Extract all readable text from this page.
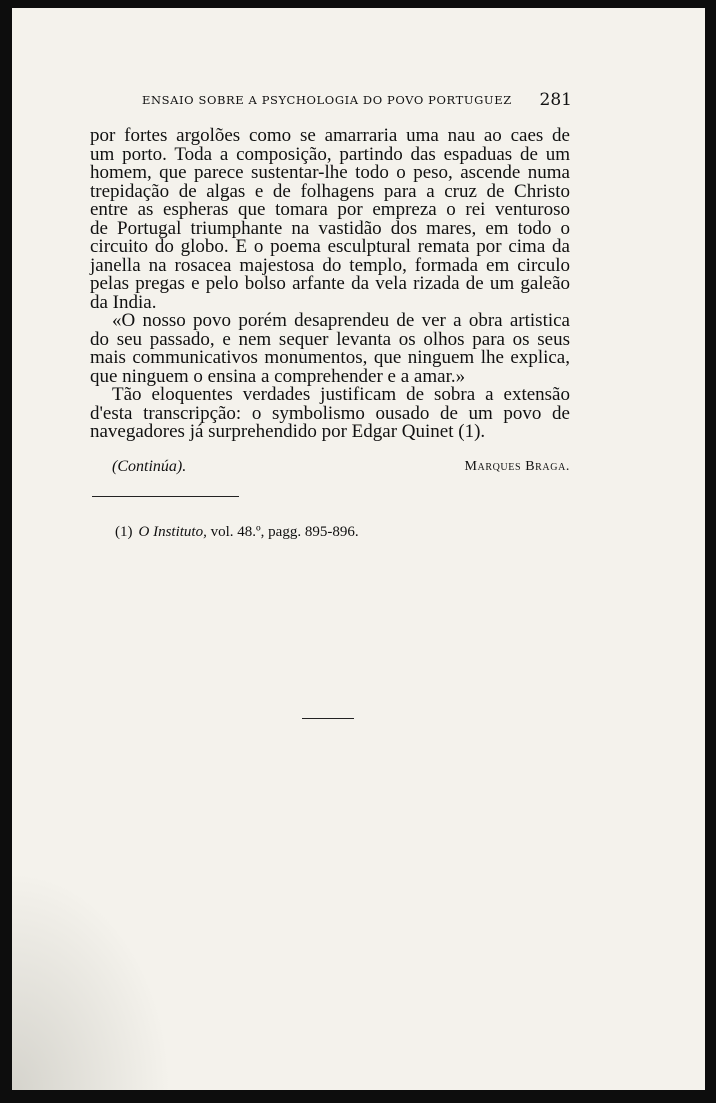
ENSAIO SOBRE A PSYCHOLOGIA DO POVO PORTUGUEZ 281
por fortes argolões como se amarraria uma nau ao caes de
um porto. Toda a composição, partindo das espaduas de um
homem, que parece sustentar-lhe todo o peso, ascende numa
trepidação de algas e de folhagens para a cruz de Christo
entre as espheras que tomara por empreza o rei venturoso
de Portugal triumphante na vastidão dos mares, em todo o
circuito do globo. E o poema esculptural remata por cima da
janella na rosacea majestosa do templo, formada em circulo
pelas pregas e pelo bolso arfante da vela rizada de um galeão
da India.
«O nosso povo porém desaprendeu de ver a obra artistica
do seu passado, e nem sequer levanta os olhos para os seus
mais communicativos monumentos, que ninguem lhe explica,
que ninguem o ensina a comprehender e a amar.»
Tão eloquentes verdades justificam de sobra a extensão
d'esta transcripção: o symbolismo ousado de um povo de
navegadores já surprehendido por Edgar Quinet (1).
(Continúa).	Marques Braga.
(1) O Instituto, vol. 48.º, pagg. 895-896.
